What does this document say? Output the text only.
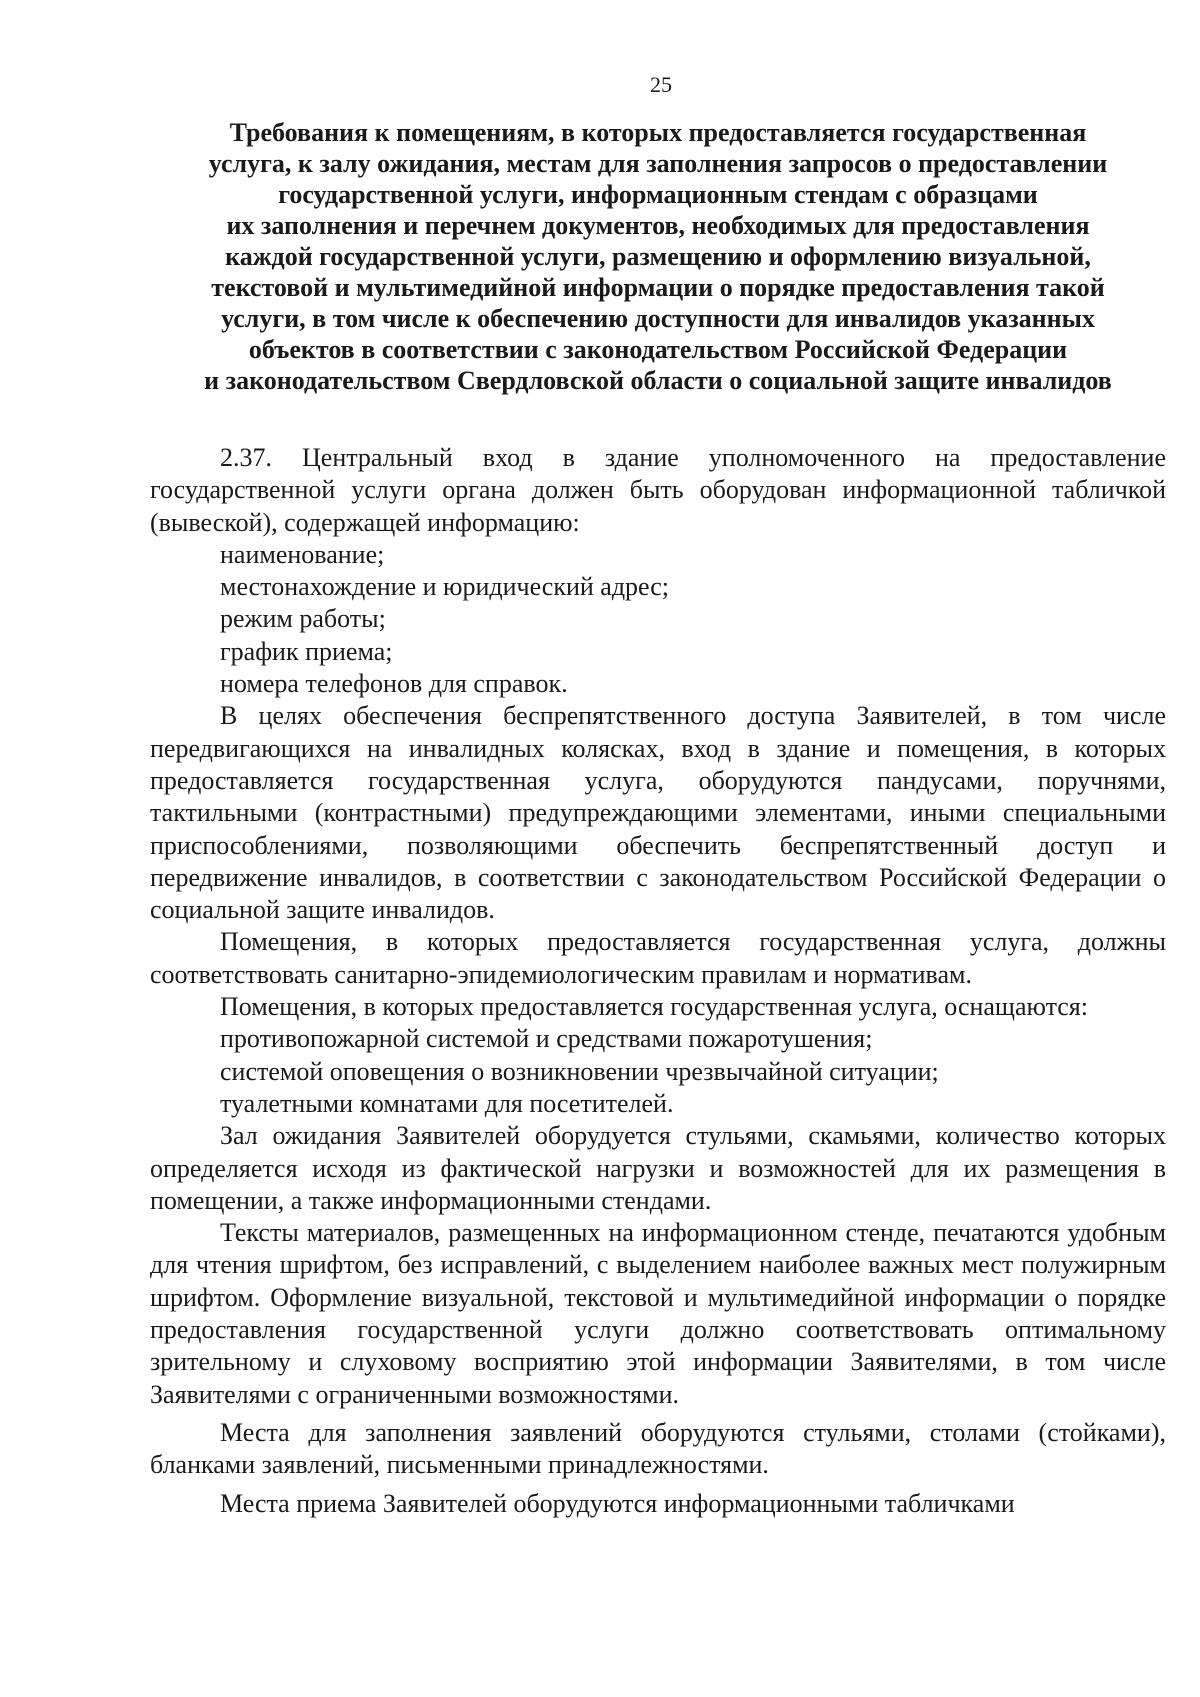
25
Требования к помещениям, в которых предоставляется государственная
услуга, к залу ожидания, местам для заполнения запросов о предоставлении
государственной услуги, информационным стендам с образцами
их заполнения и перечнем документов, необходимых для предоставления
каждой государственной услуги, размещению и оформлению визуальной,
текстовой и мультимедийной информации о порядке предоставления такой
услуги, в том числе к обеспечению доступности для инвалидов указанных
объектов в соответствии с законодательством Российской Федерации
и законодательством Свердловской области о социальной защите инвалидов

2.37. Центральный вход в здание уполномоченного на предоставление государственной услуги органа должен быть оборудован информационной табличкой (вывеской), содержащей информацию:

наименование;

местонахождение и юридический адрес;

режим работы;

график приема;

номера телефонов для справок.

В целях обеспечения беспрепятственного доступа Заявителей, в том числе передвигающихся на инвалидных колясках, вход в здание и помещения, в которых предоставляется государственная услуга, оборудуются пандусами, поручнями, тактильными (контрастными) предупреждающими элементами, иными специальными приспособлениями, позволяющими обеспечить беспрепятственный доступ и передвижение инвалидов, в соответствии с законодательством Российской Федерации о социальной защите инвалидов.

Помещения, в которых предоставляется государственная услуга, должны соответствовать санитарно-эпидемиологическим правилам и нормативам.

Помещения, в которых предоставляется государственная услуга, оснащаются:

противопожарной системой и средствами пожаротушения;

системой оповещения о возникновении чрезвычайной ситуации;

туалетными комнатами для посетителей.

Зал ожидания Заявителей оборудуется стульями, скамьями, количество которых определяется исходя из фактической нагрузки и возможностей для их размещения в помещении, а также информационными стендами.

Тексты материалов, размещенных на информационном стенде, печатаются удобным для чтения шрифтом, без исправлений, с выделением наиболее важных мест полужирным шрифтом. Оформление визуальной, текстовой и мультимедийной информации о порядке предоставления государственной услуги должно соответствовать оптимальному зрительному и слуховому восприятию этой информации Заявителями, в том числе Заявителями с ограниченными возможностями.

Места для заполнения заявлений оборудуются стульями, столами (стойками), бланками заявлений, письменными принадлежностями.

Места приема Заявителей оборудуются информационными табличками
